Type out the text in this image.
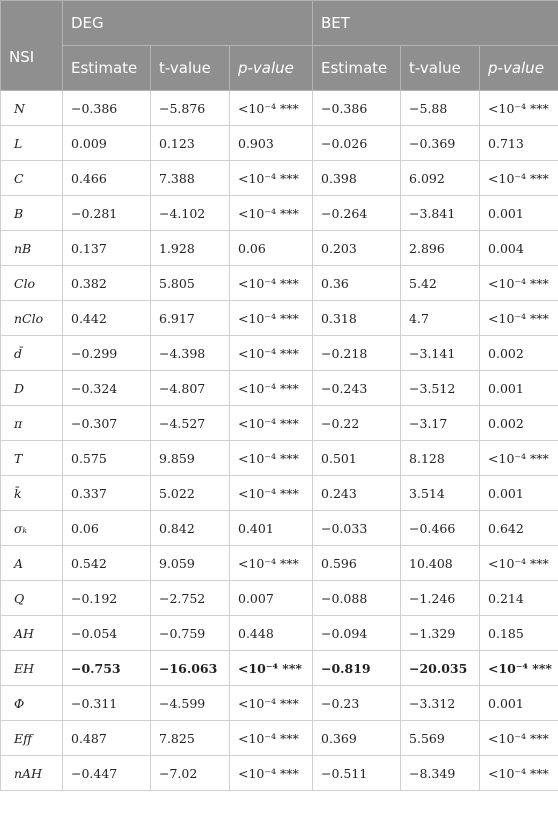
NSI	DEG			BET		
	Estimate	t-value	p-value	Estimate	t-value	p-value
N	−0.386	−5.876	<10⁻⁴ ***	−0.386	−5.88	<10⁻⁴ ***
L	0.009	0.123	0.903	−0.026	−0.369	0.713
C	0.466	7.388	<10⁻⁴ ***	0.398	6.092	<10⁻⁴ ***
B	−0.281	−4.102	<10⁻⁴ ***	−0.264	−3.841	0.001
nB	0.137	1.928	0.06	0.203	2.896	0.004
Clo	0.382	5.805	<10⁻⁴ ***	0.36	5.42	<10⁻⁴ ***
nClo	0.442	6.917	<10⁻⁴ ***	0.318	4.7	<10⁻⁴ ***
d̄	−0.299	−4.398	<10⁻⁴ ***	−0.218	−3.141	0.002
D	−0.324	−4.807	<10⁻⁴ ***	−0.243	−3.512	0.001
π	−0.307	−4.527	<10⁻⁴ ***	−0.22	−3.17	0.002
T	0.575	9.859	<10⁻⁴ ***	0.501	8.128	<10⁻⁴ ***
k̄	0.337	5.022	<10⁻⁴ ***	0.243	3.514	0.001
σₖ	0.06	0.842	0.401	−0.033	−0.466	0.642
A	0.542	9.059	<10⁻⁴ ***	0.596	10.408	<10⁻⁴ ***
Q	−0.192	−2.752	0.007	−0.088	−1.246	0.214
AH	−0.054	−0.759	0.448	−0.094	−1.329	0.185
EH	−0.753	−16.063	<10⁻⁴ ***	−0.819	−20.035	<10⁻⁴ ***
Φ	−0.311	−4.599	<10⁻⁴ ***	−0.23	−3.312	0.001
Eff	0.487	7.825	<10⁻⁴ ***	0.369	5.569	<10⁻⁴ ***
nAH	−0.447	−7.02	<10⁻⁴ ***	−0.511	−8.349	<10⁻⁴ ***
